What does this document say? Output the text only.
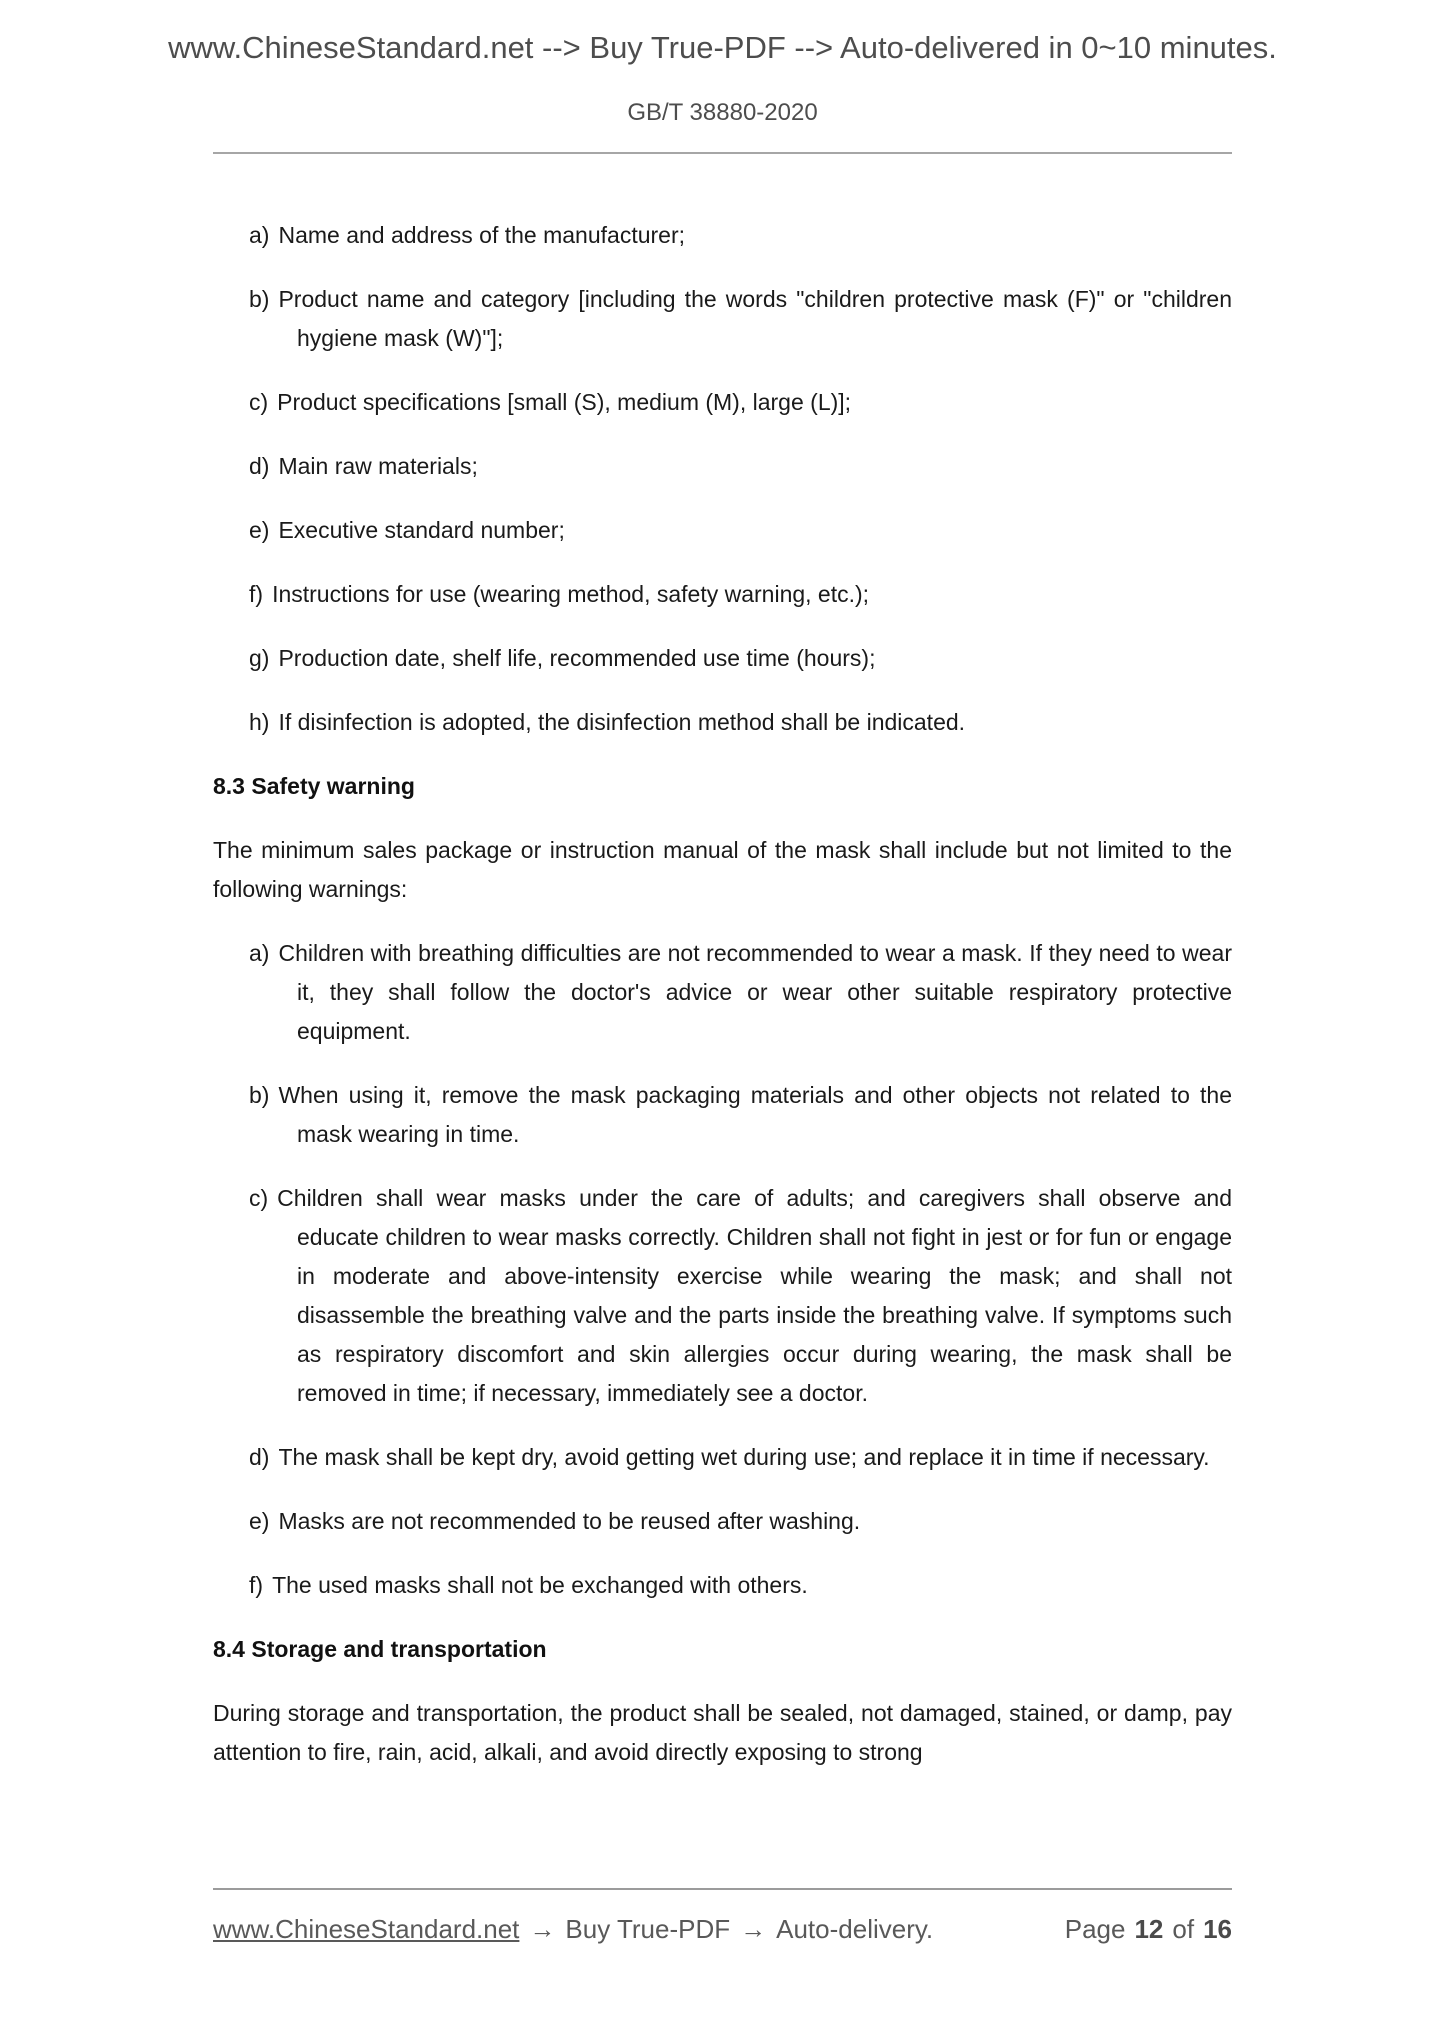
www.ChineseStandard.net --> Buy True-PDF --> Auto-delivered in 0~10 minutes.
GB/T 38880-2020
a) Name and address of the manufacturer;
b) Product name and category [including the words "children protective mask (F)" or "children hygiene mask (W)"];
c) Product specifications [small (S), medium (M), large (L)];
d) Main raw materials;
e) Executive standard number;
f) Instructions for use (wearing method, safety warning, etc.);
g) Production date, shelf life, recommended use time (hours);
h) If disinfection is adopted, the disinfection method shall be indicated.
8.3 Safety warning
The minimum sales package or instruction manual of the mask shall include but not limited to the following warnings:
a) Children with breathing difficulties are not recommended to wear a mask. If they need to wear it, they shall follow the doctor's advice or wear other suitable respiratory protective equipment.
b) When using it, remove the mask packaging materials and other objects not related to the mask wearing in time.
c) Children shall wear masks under the care of adults; and caregivers shall observe and educate children to wear masks correctly. Children shall not fight in jest or for fun or engage in moderate and above-intensity exercise while wearing the mask; and shall not disassemble the breathing valve and the parts inside the breathing valve. If symptoms such as respiratory discomfort and skin allergies occur during wearing, the mask shall be removed in time; if necessary, immediately see a doctor.
d) The mask shall be kept dry, avoid getting wet during use; and replace it in time if necessary.
e) Masks are not recommended to be reused after washing.
f) The used masks shall not be exchanged with others.
8.4 Storage and transportation
During storage and transportation, the product shall be sealed, not damaged, stained, or damp, pay attention to fire, rain, acid, alkali, and avoid directly exposing to strong
www.ChineseStandard.net → Buy True-PDF → Auto-delivery.	Page 12 of 16
